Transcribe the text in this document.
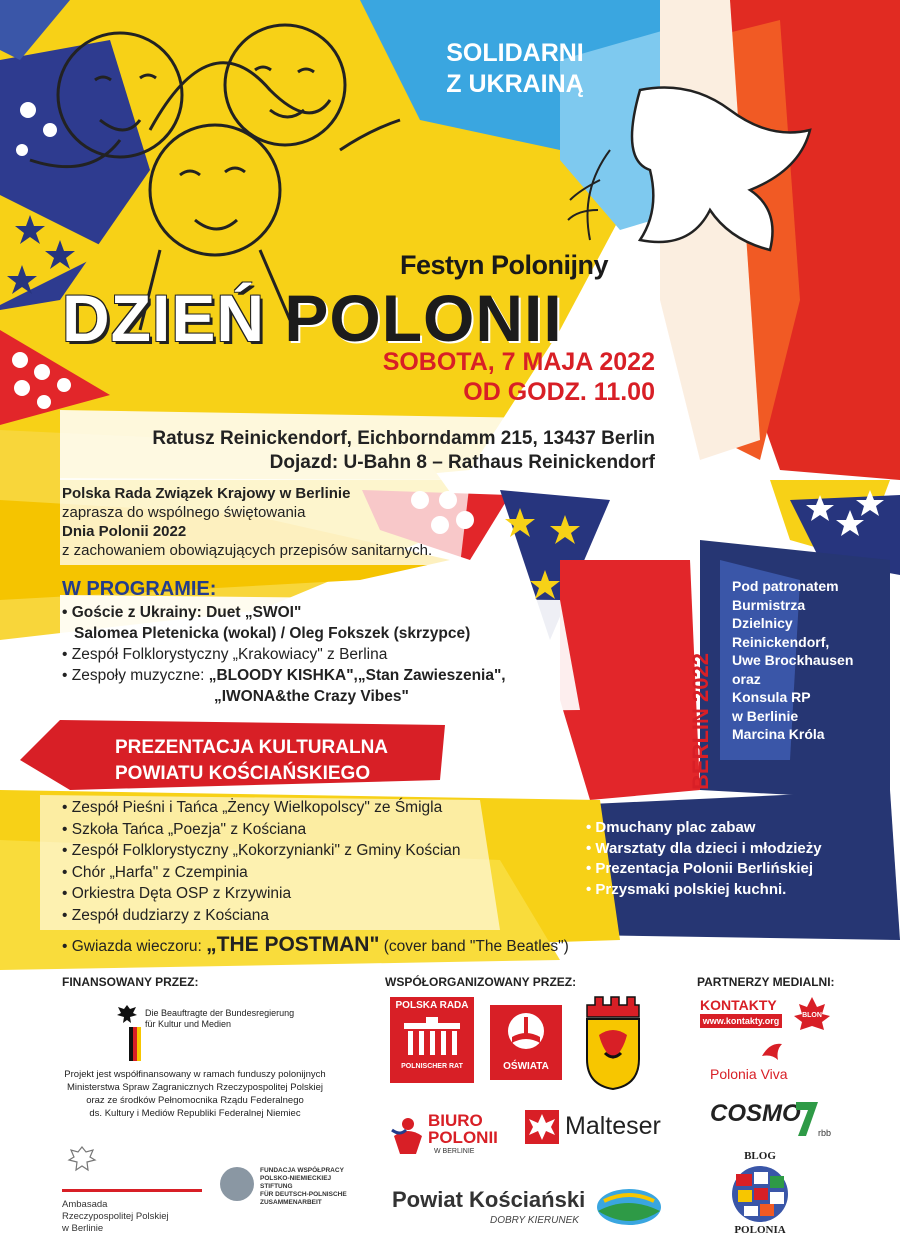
SOLIDARNI
Z UKRAINĄ
Festyn Polonijny
DZIEŃ POLONII
SOBOTA, 7 MAJA 2022
OD GODZ. 11.00
Ratusz Reinickendorf, Eichborndamm 215, 13437 Berlin
Dojazd: U-Bahn 8 – Rathaus Reinickendorf
Polska Rada Związek Krajowy w Berlinie
zaprasza do wspólnego świętowania
Dnia Polonii 2022
z zachowaniem obowiązujących przepisów sanitarnych.
W PROGRAMIE:
• Goście z Ukrainy: Duet „SWOI"
Salomea Pletenicka (wokal) / Oleg Fokszek (skrzypce)
• Zespół Folklorystyczny „Krakowiacy" z Berlina
• Zespoły muzyczne: „BLOODY KISHKA",„Stan Zawieszenia",
„IWONA&the Crazy Vibes"
PREZENTACJA KULTURALNA
POWIATU KOŚCIAŃSKIEGO
• Zespół Pieśni i Tańca „Żency Wielkopolscy" ze Śmigla
• Szkoła Tańca „Poezja" z Kościana
• Zespół Folklorystyczny „Kokorzynianki" z Gminy Kościan
• Chór „Harfa" z Czempinia
• Orkiestra Dęta OSP z Krzywinia
• Zespół dudziarzy z Kościana
• Gwiazda wieczoru: „THE POSTMAN" (cover band "The Beatles")
Pod patronatem
Burmistrza
Dzielnicy
Reinickendorf,
Uwe Brockhausen
oraz
Konsula RP
w Berlinie
Marcina Króla
BERLIN 2022
• Dmuchany plac zabaw
• Warsztaty dla dzieci i młodzieży
• Prezentacja Polonii Berlińskiej
• Przysmaki polskiej kuchni.
FINANSOWANY PRZEZ:
Die Beauftragte der Bundesregierung
für Kultur und Medien
Projekt jest współfinansowany w ramach funduszy polonijnych
Ministerstwa Spraw Zagranicznych Rzeczypospolitej Polskiej
oraz ze środków Pełnomocnika Rządu Federalnego
ds. Kultury i Mediów Republiki Federalnej Niemiec
Ambasada
Rzeczypospolitej Polskiej
w Berlinie
FUNDACJA WSPÓŁPRACY
POLSKO-NIEMIECKIEJ
STIFTUNG
FÜR DEUTSCH-POLNISCHE
ZUSAMMENARBEIT
WSPÓŁORGANIZOWANY PRZEZ:
POLSKA RADA
POLNISCHER RAT	OŚWIATA
BIURO
POLONII
W BERLINIE
Malteser
Powiat Kościański
DOBRY KIERUNEK
PARTNERZY MEDIALNI:
KONTAKTY
www.kontakty.org
BLON
Polonia Viva
COSMO
rbb
BLOG
POLONIA
